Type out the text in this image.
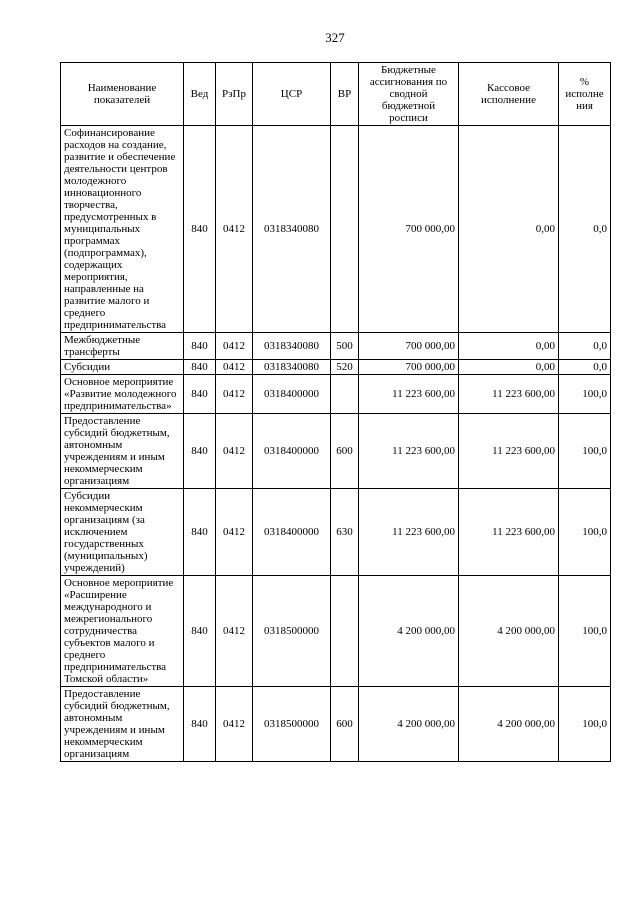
327
Наименование показателей	Вед	РзПр	ЦСР	ВР	Бюджетные ассигнования по сводной бюджетной росписи	Кассовое исполнение	% исполне​ния
Софинансирование расходов на создание, развитие и обеспечение деятельности центров молодежного инновационного творчества, предусмотренных в муниципальных программах (подпрограммах), содержащих мероприятия, направленные на развитие малого и среднего предпринимательства	840	0412	0318340080		700 000,00	0,00	0,0
Межбюджетные трансферты	840	0412	0318340080	500	700 000,00	0,00	0,0
Субсидии	840	0412	0318340080	520	700 000,00	0,00	0,0
Основное мероприятие «Развитие молодежного предпринимательства»	840	0412	0318400000		11 223 600,00	11 223 600,00	100,0
Предоставление субсидий бюджетным, автономным учреждениям и иным некоммерческим организациям	840	0412	0318400000	600	11 223 600,00	11 223 600,00	100,0
Субсидии некоммерческим организациям (за исключением государственных (муниципальных) учреждений)	840	0412	0318400000	630	11 223 600,00	11 223 600,00	100,0
Основное мероприятие «Расширение международного и межрегионального сотрудничества субъектов малого и среднего предпринимательства Томской области»	840	0412	0318500000		4 200 000,00	4 200 000,00	100,0
Предоставление субсидий бюджетным, автономным учреждениям и иным некоммерческим организациям	840	0412	0318500000	600	4 200 000,00	4 200 000,00	100,0
